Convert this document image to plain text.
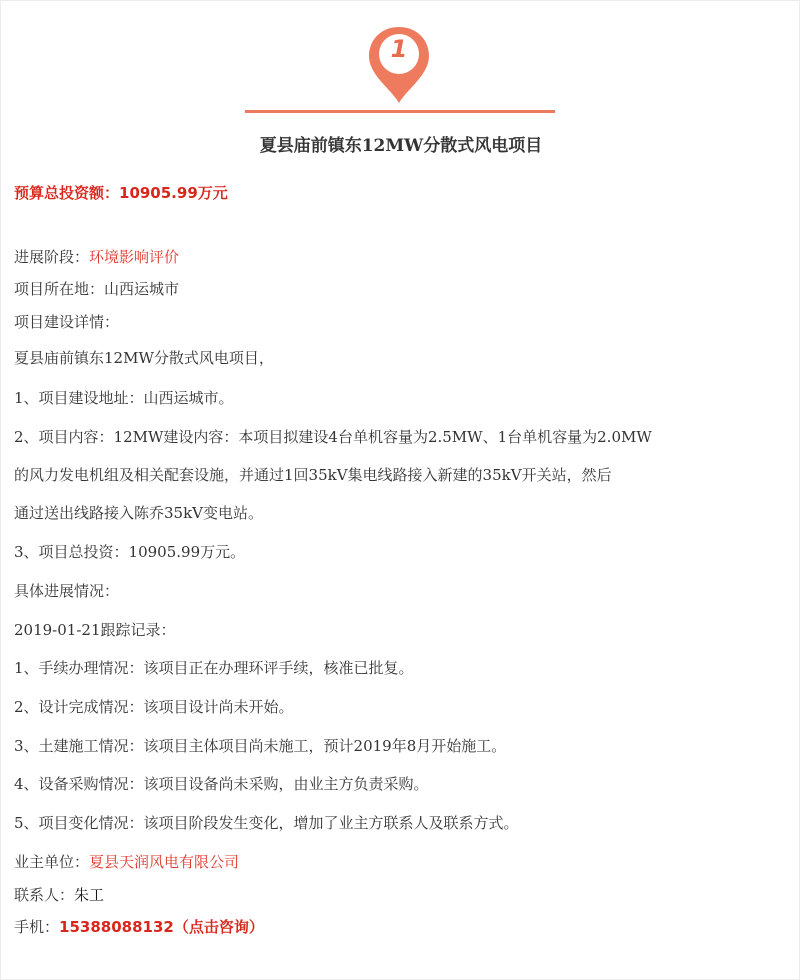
1
夏县庙前镇东12MW分散式风电项目
预算总投资额：10905.99万元
进展阶段：环境影响评价
项目所在地：山西运城市
项目建设详情：
夏县庙前镇东12MW分散式风电项目，
1、项目建设地址：山西运城市。
2、项目内容：12MW建设内容：本项目拟建设4台单机容量为2.5MW、1台单机容量为2.0MW
的风力发电机组及相关配套设施，并通过1回35kV集电线路接入新建的35kV开关站，然后
通过送出线路接入陈乔35kV变电站。
3、项目总投资：10905.99万元。
具体进展情况：
2019-01-21跟踪记录：
1、手续办理情况：该项目正在办理环评手续，核准已批复。
2、设计完成情况：该项目设计尚未开始。
3、土建施工情况：该项目主体项目尚未施工，预计2019年8月开始施工。
4、设备采购情况：该项目设备尚未采购，由业主方负责采购。
5、项目变化情况：该项目阶段发生变化，增加了业主方联系人及联系方式。
业主单位：夏县天润风电有限公司
联系人：朱工
手机：15388088132（点击咨询）
